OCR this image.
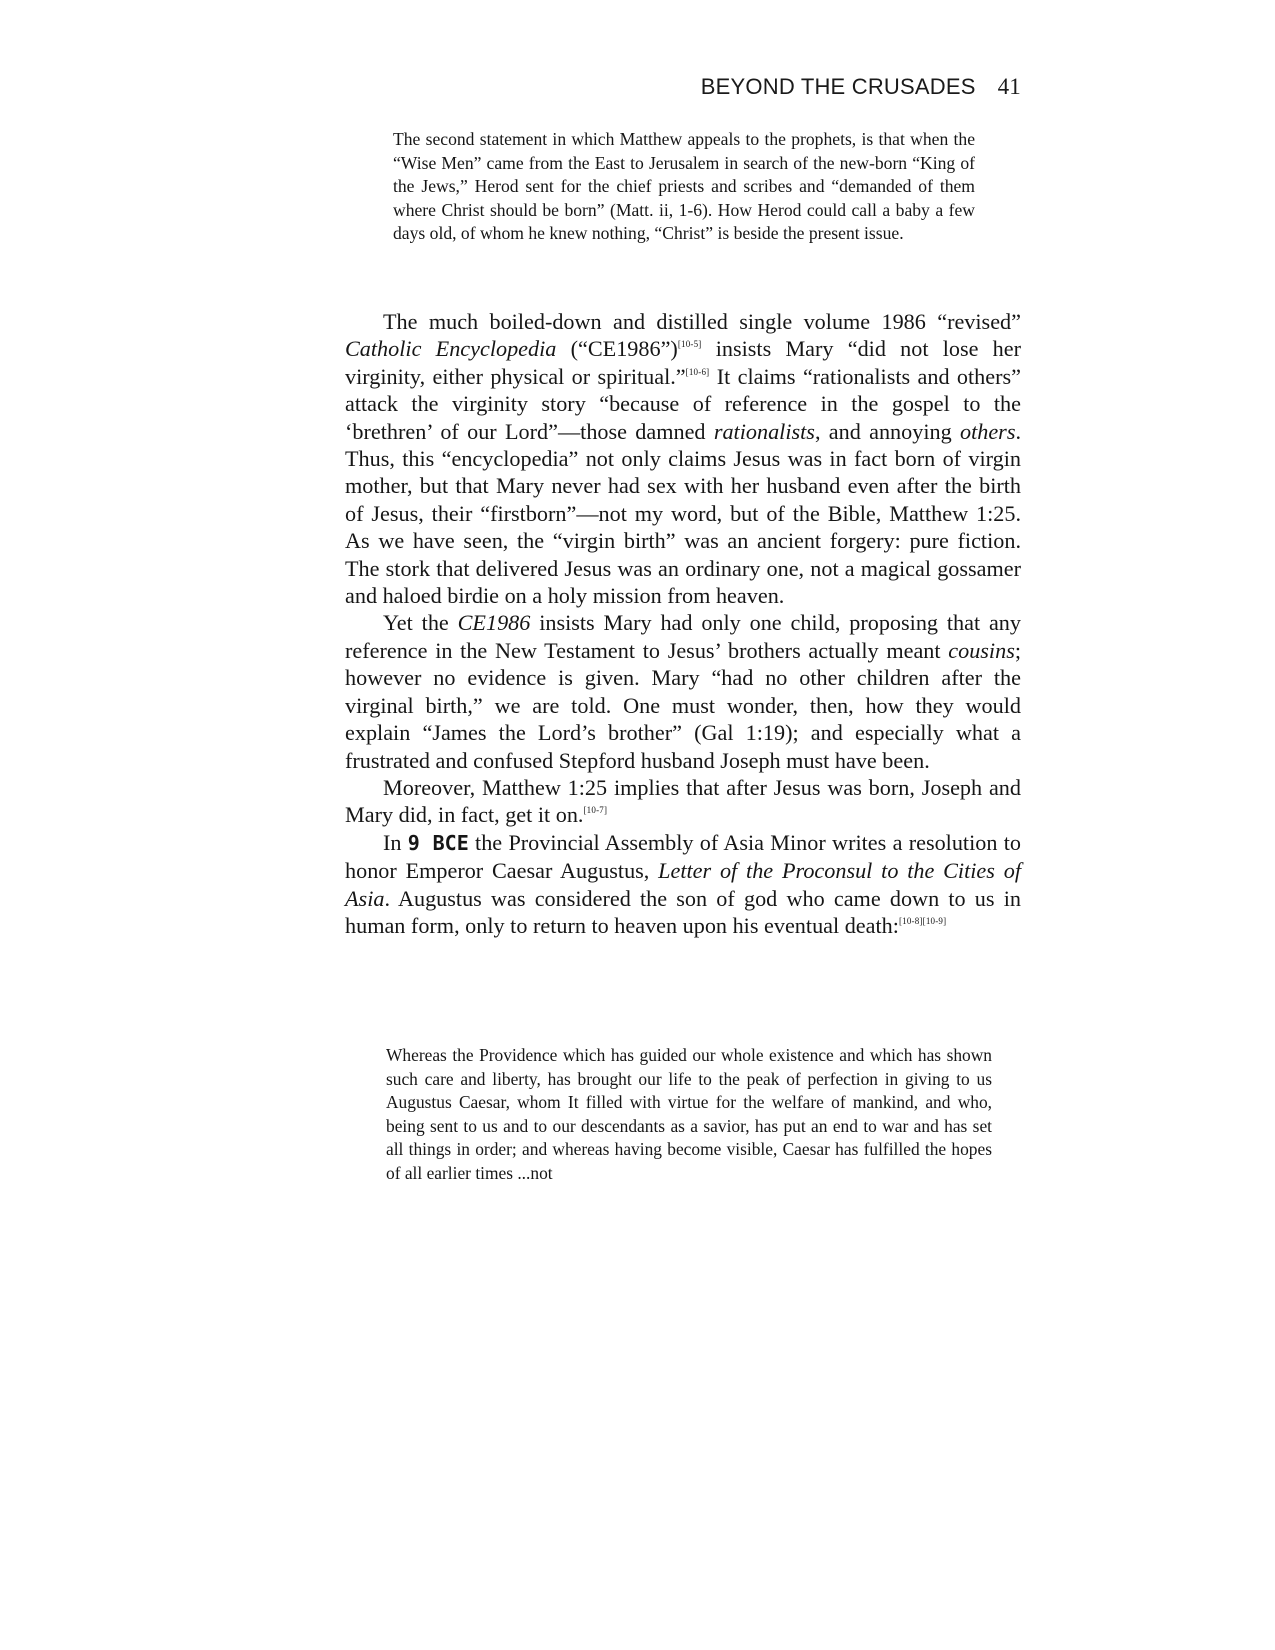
BEYOND THE CRUSADES 41

The second statement in which Matthew appeals to the prophets, is that when the “Wise Men” came from the East to Jerusalem in search of the new-born “King of the Jews,” Herod sent for the chief priests and scribes and “demanded of them where Christ should be born” (Matt. ii, 1-6). How Herod could call a baby a few days old, of whom he knew nothing, “Christ” is beside the present issue.

The much boiled-down and distilled single volume 1986 “revised” Catholic Encyclopedia (“CE1986”)[10-5] insists Mary “did not lose her virginity, either physical or spiritual.”[10-6] It claims “rationalists and others” attack the virginity story “because of reference in the gospel to the ‘brethren’ of our Lord”—those damned rationalists, and annoying others. Thus, this “encyclopedia” not only claims Jesus was in fact born of virgin mother, but that Mary never had sex with her husband even after the birth of Jesus, their “firstborn”—not my word, but of the Bible, Matthew 1:25. As we have seen, the “virgin birth” was an ancient forgery: pure fiction. The stork that delivered Jesus was an ordinary one, not a magical gossamer and haloed birdie on a holy mission from heaven.

Yet the CE1986 insists Mary had only one child, proposing that any reference in the New Testament to Jesus’ brothers actually meant cousins; however no evidence is given. Mary “had no other children after the virginal birth,” we are told. One must wonder, then, how they would explain “James the Lord’s brother” (Gal 1:19); and especially what a frustrated and confused Stepford husband Joseph must have been.

Moreover, Matthew 1:25 implies that after Jesus was born, Joseph and Mary did, in fact, get it on.[10-7]

In 9 BCE the Provincial Assembly of Asia Minor writes a resolution to honor Emperor Caesar Augustus, Letter of the Proconsul to the Cities of Asia. Augustus was considered the son of god who came down to us in human form, only to return to heaven upon his eventual death:[10-8][10-9]

Whereas the Providence which has guided our whole existence and which has shown such care and liberty, has brought our life to the peak of perfection in giving to us Augustus Caesar, whom It filled with virtue for the welfare of mankind, and who, being sent to us and to our descendants as a savior, has put an end to war and has set all things in order; and whereas having become visible, Caesar has fulfilled the hopes of all earlier times ...not
